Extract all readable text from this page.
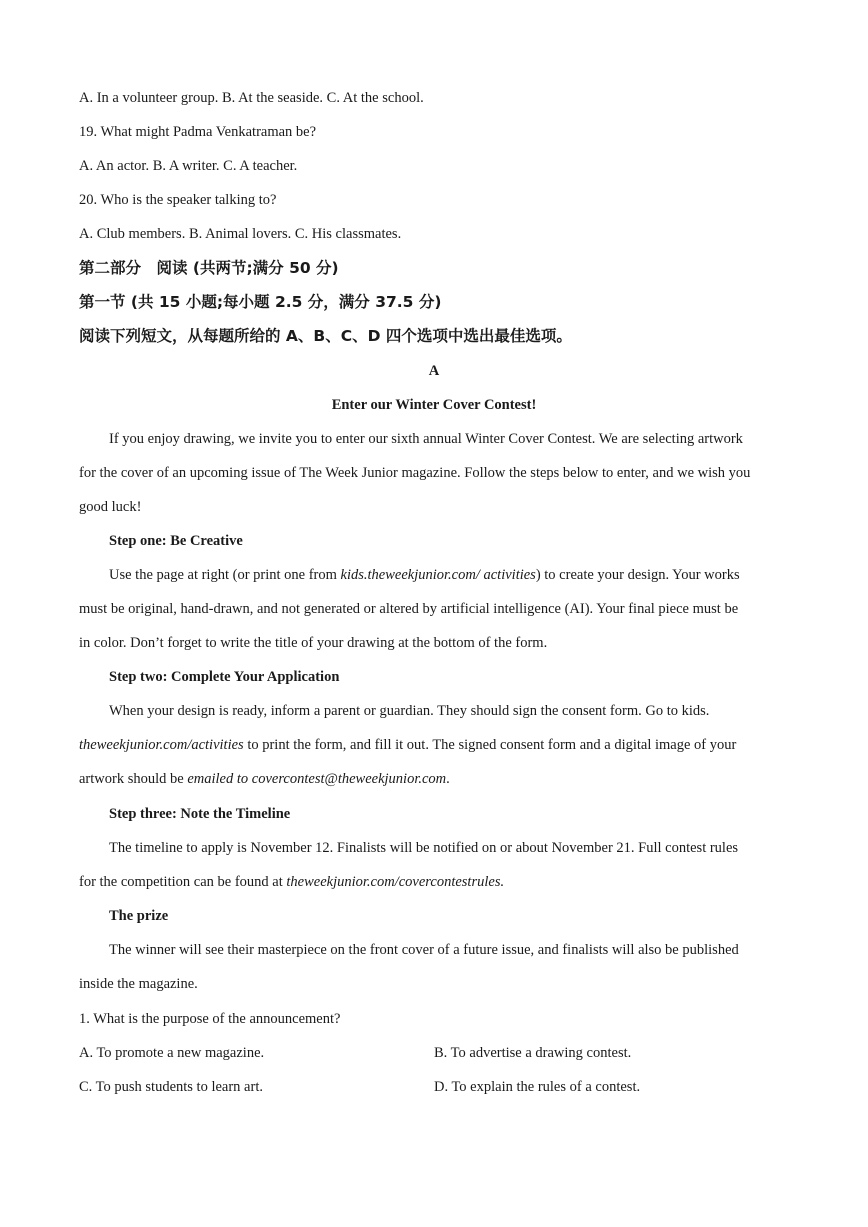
A. In a volunteer group. B. At the seaside. C. At the school.
19. What might Padma Venkatraman be?
A. An actor. B. A writer. C. A teacher.
20. Who is the speaker talking to?
A. Club members. B. Animal lovers. C. His classmates.
第二部分　阅读 (共两节;满分 50 分)
第一节 (共 15 小题;每小题 2.5 分，满分 37.5 分)
阅读下列短文，从每题所给的 A、B、C、D 四个选项中选出最佳选项。
A
Enter our Winter Cover Contest!
If you enjoy drawing, we invite you to enter our sixth annual Winter Cover Contest. We are selecting artwork
for the cover of an upcoming issue of The Week Junior magazine. Follow the steps below to enter, and we wish you
good luck!
Step one: Be Creative
Use the page at right (or print one from kids.theweekjunior.com/ activities) to create your design. Your works
must be original, hand-drawn, and not generated or altered by artificial intelligence (AI). Your final piece must be
in color. Don’t forget to write the title of your drawing at the bottom of the form.
Step two: Complete Your Application
When your design is ready, inform a parent or guardian. They should sign the consent form. Go to kids.
theweekjunior.com/activities to print the form, and fill it out. The signed consent form and a digital image of your
artwork should be emailed to covercontest@theweekjunior.com.
Step three: Note the Timeline
The timeline to apply is November 12. Finalists will be notified on or about November 21. Full contest rules
for the competition can be found at theweekjunior.com/covercontestrules.
The prize
The winner will see their masterpiece on the front cover of a future issue, and finalists will also be published
inside the magazine.
1. What is the purpose of the announcement?
A. To promote a new magazine.	B. To advertise a drawing contest.
C. To push students to learn art.	D. To explain the rules of a contest.
